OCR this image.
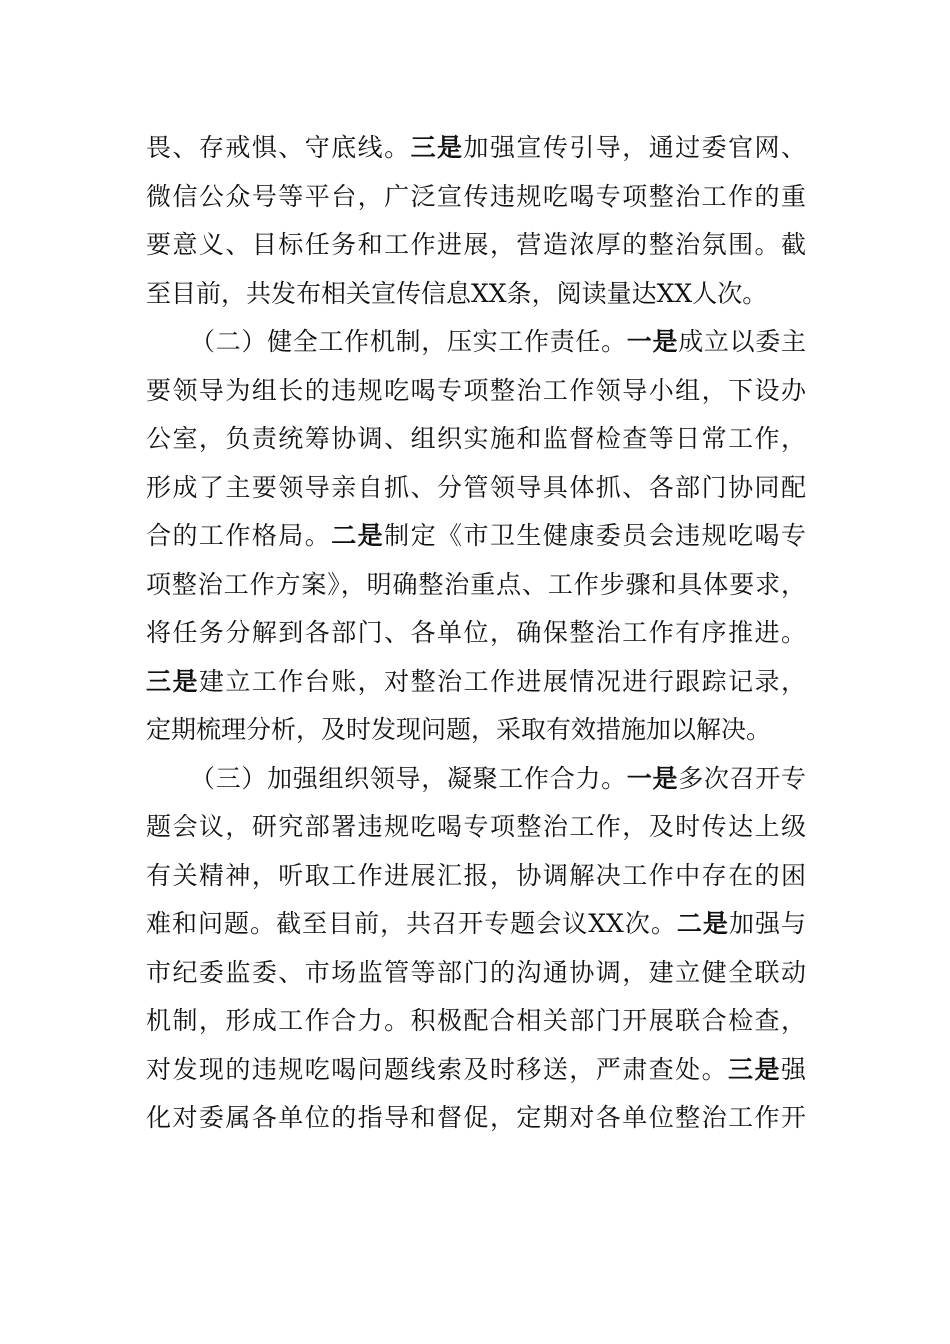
畏、存戒惧、守底线。三是加强宣传引导，通过委官网、
微信公众号等平台，广泛宣传违规吃喝专项整治工作的重
要意义、目标任务和工作进展，营造浓厚的整治氛围。截
至目前，共发布相关宣传信息XX条，阅读量达XX人次。
（二）健全工作机制，压实工作责任。一是成立以委主
要领导为组长的违规吃喝专项整治工作领导小组，下设办
公室，负责统筹协调、组织实施和监督检查等日常工作，
形成了主要领导亲自抓、分管领导具体抓、各部门协同配
合的工作格局。二是制定《市卫生健康委员会违规吃喝专
项整治工作方案》，明确整治重点、工作步骤和具体要求，
将任务分解到各部门、各单位，确保整治工作有序推进。
三是建立工作台账，对整治工作进展情况进行跟踪记录，
定期梳理分析，及时发现问题，采取有效措施加以解决。
（三）加强组织领导，凝聚工作合力。一是多次召开专
题会议，研究部署违规吃喝专项整治工作，及时传达上级
有关精神，听取工作进展汇报，协调解决工作中存在的困
难和问题。截至目前，共召开专题会议XX次。二是加强与
市纪委监委、市场监管等部门的沟通协调，建立健全联动
机制，形成工作合力。积极配合相关部门开展联合检查，
对发现的违规吃喝问题线索及时移送，严肃查处。三是强
化对委属各单位的指导和督促，定期对各单位整治工作开
